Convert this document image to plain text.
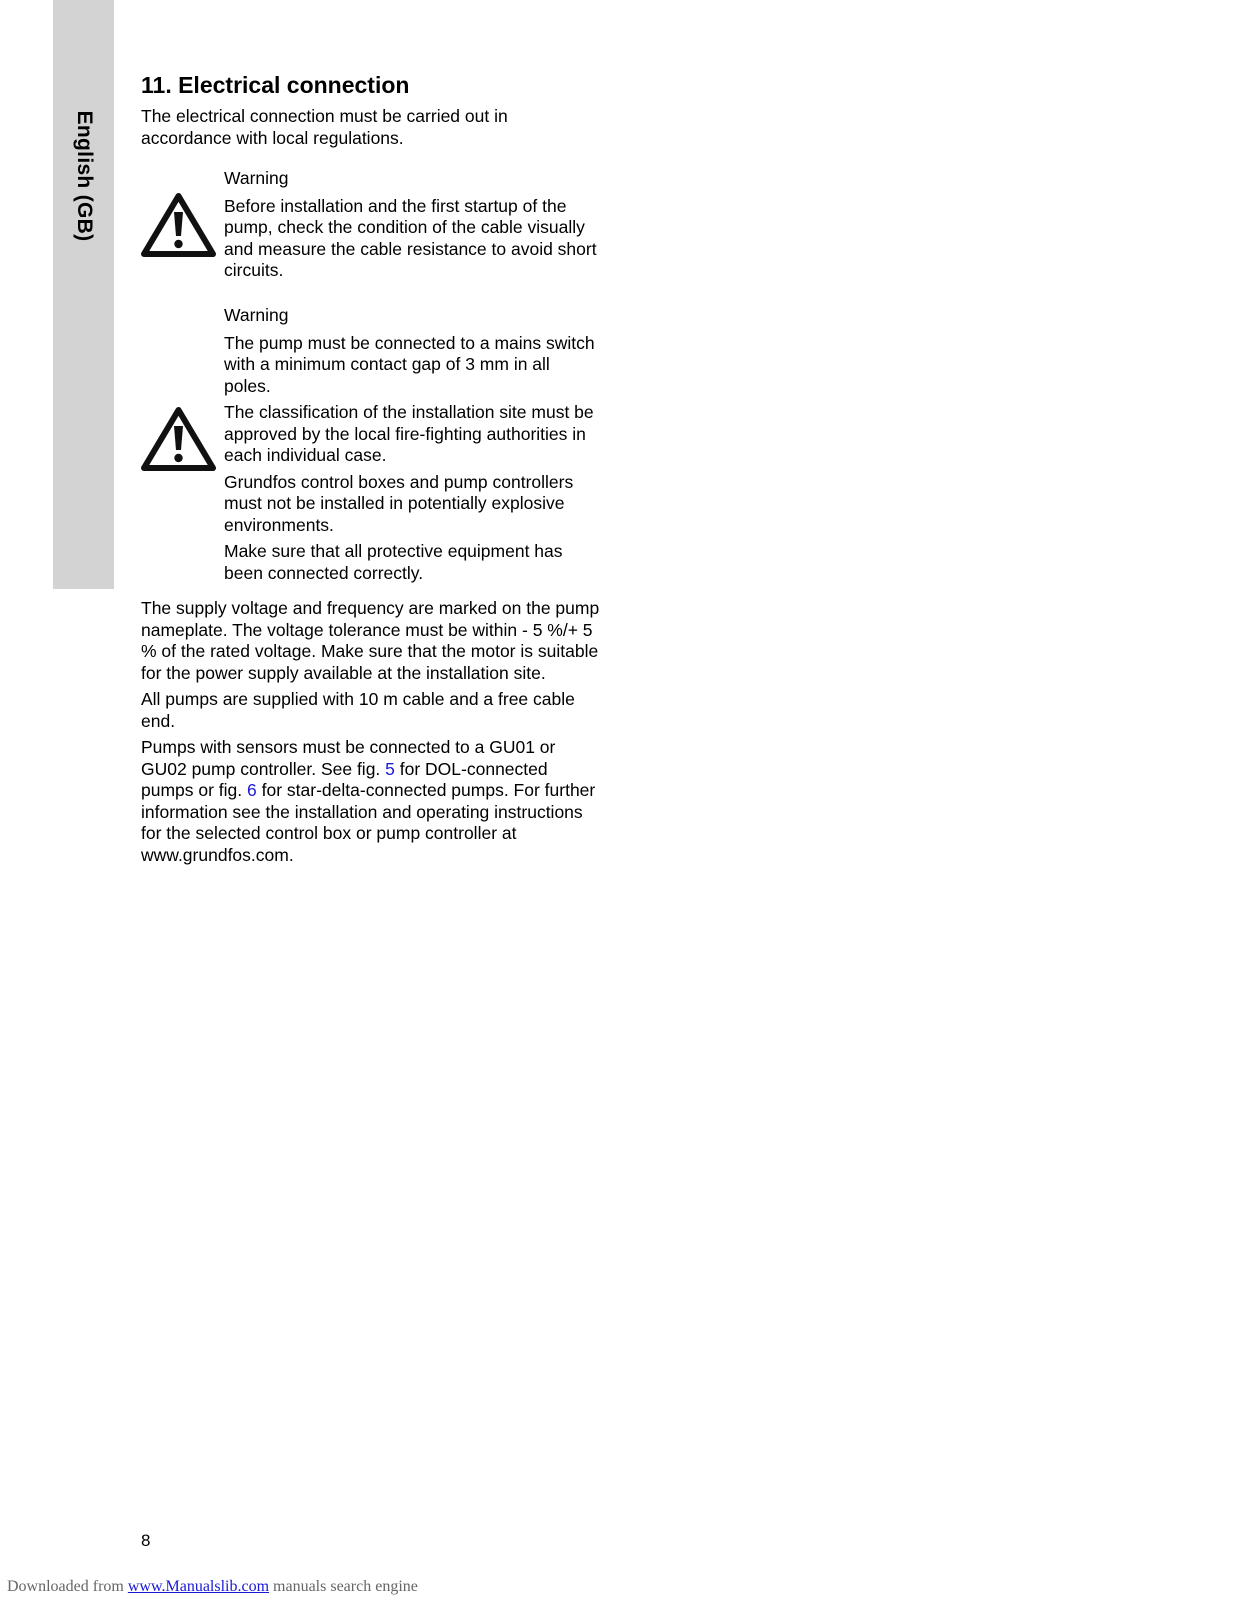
English (GB)
11. Electrical connection

The electrical connection must be carried out in accordance with local regulations.

Warning

Before installation and the first startup of the pump, check the condition of the cable visually and measure the cable resistance to avoid short circuits.

Warning

The pump must be connected to a mains switch with a minimum contact gap of 3 mm in all poles.

The classification of the installation site must be approved by the local fire-fighting authorities in each individual case.

Grundfos control boxes and pump controllers must not be installed in potentially explosive environments.

Make sure that all protective equipment has been connected correctly.

The supply voltage and frequency are marked on the pump nameplate. The voltage tolerance must be within - 5 %/+ 5 % of the rated voltage. Make sure that the motor is suitable for the power supply available at the installation site.

All pumps are supplied with 10 m cable and a free cable end.

Pumps with sensors must be connected to a GU01 or GU02 pump controller. See fig. 5 for DOL-connected pumps or fig. 6 for star-delta-connected pumps. For further information see the installation and operating instructions for the selected control box or pump controller at www.grundfos.com.

8
Downloaded from www.Manualslib.com manuals search engine
